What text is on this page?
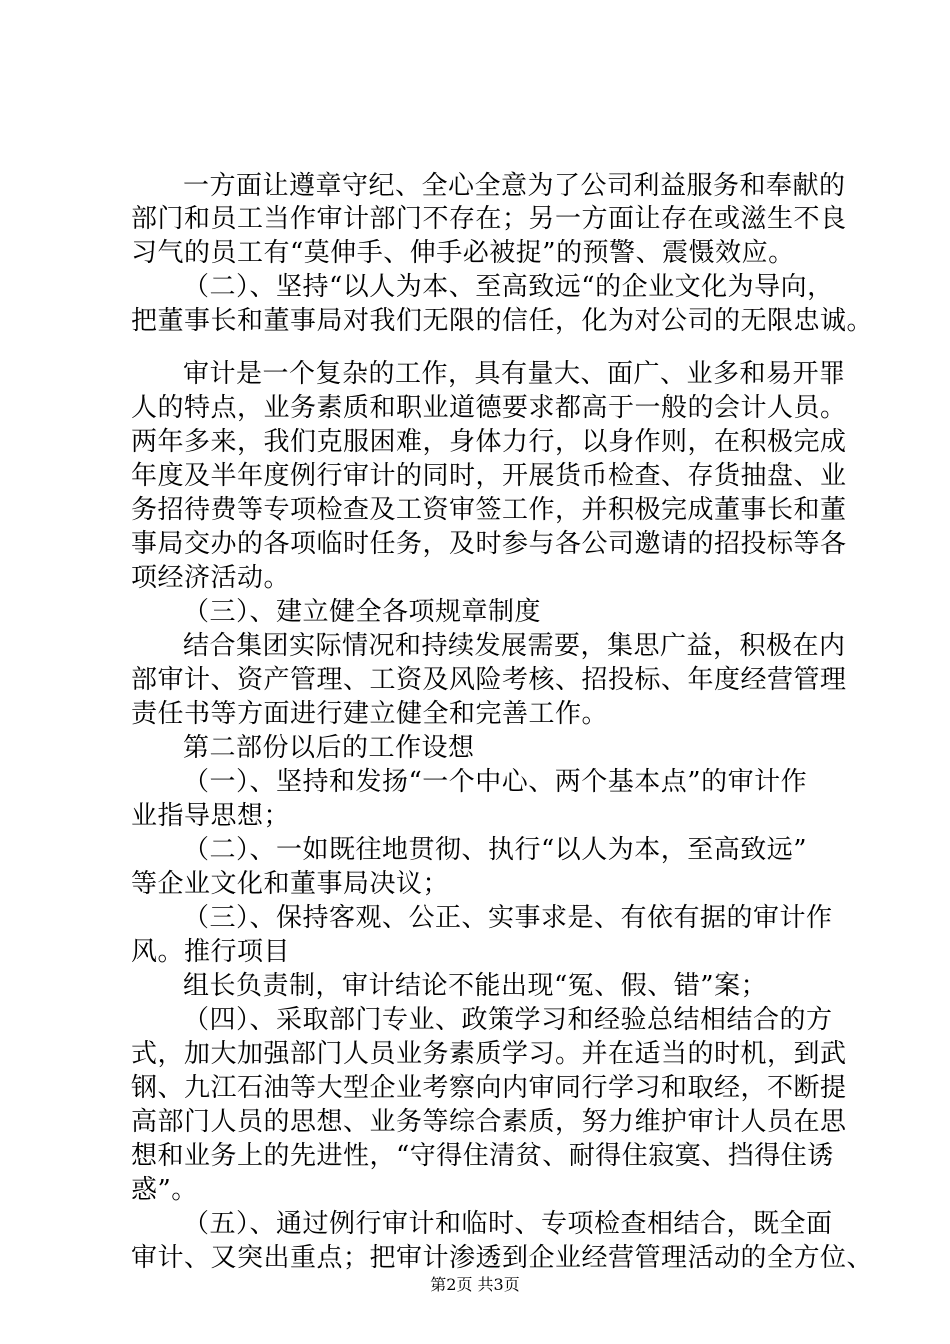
一方面让遵章守纪、全心全意为了公司利益服务和奉献的
部门和员工当作审计部门不存在；另一方面让存在或滋生不良
习气的员工有“莫伸手、伸手必被捉”的预警、震慑效应。
（二）、坚持“以人为本、至高致远“的企业文化为导向，
把董事长和董事局对我们无限的信任，化为对公司的无限忠诚。
审计是一个复杂的工作，具有量大、面广、业多和易开罪
人的特点，业务素质和职业道德要求都高于一般的会计人员。
两年多来，我们克服困难，身体力行，以身作则，在积极完成
年度及半年度例行审计的同时，开展货币检查、存货抽盘、业
务招待费等专项检查及工资审签工作，并积极完成董事长和董
事局交办的各项临时任务，及时参与各公司邀请的招投标等各
项经济活动。
（三）、建立健全各项规章制度
结合集团实际情况和持续发展需要，集思广益，积极在内
部审计、资产管理、工资及风险考核、招投标、年度经营管理
责任书等方面进行建立健全和完善工作。
第二部份以后的工作设想
（一）、坚持和发扬“一个中心、两个基本点”的审计作
业指导思想；
（二）、一如既往地贯彻、执行“以人为本，至高致远”
等企业文化和董事局决议；
（三）、保持客观、公正、实事求是、有依有据的审计作
风。推行项目
组长负责制，审计结论不能出现“冤、假、错”案；
（四）、采取部门专业、政策学习和经验总结相结合的方
式，加大加强部门人员业务素质学习。并在适当的时机，到武
钢、九江石油等大型企业考察向内审同行学习和取经，不断提
高部门人员的思想、业务等综合素质，努力维护审计人员在思
想和业务上的先进性，“守得住清贫、耐得住寂寞、挡得住诱
惑”。
（五）、通过例行审计和临时、专项检查相结合，既全面
审计、又突出重点；把审计渗透到企业经营管理活动的全方位、
第2页 共3页
